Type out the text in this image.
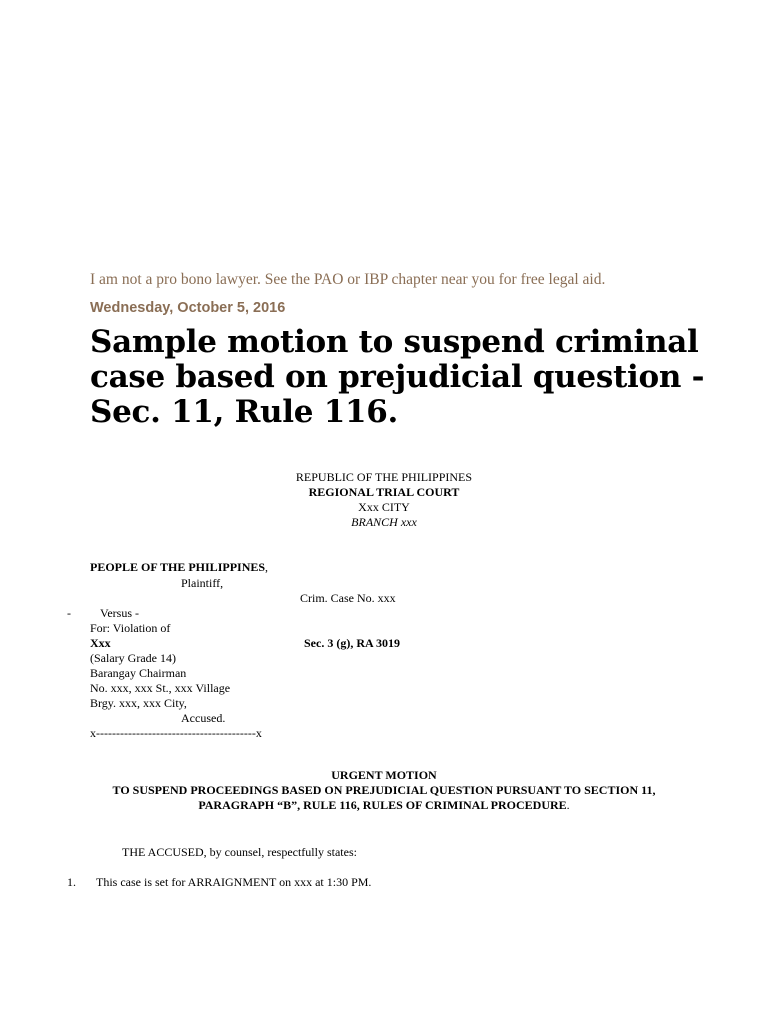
I am not a pro bono lawyer. See the PAO or IBP chapter near you for free legal aid.
Wednesday, October 5, 2016
Sample motion to suspend criminal case based on prejudicial question - Sec. 11, Rule 116.
REPUBLIC OF THE PHILIPPINES
REGIONAL TRIAL COURT
Xxx CITY
BRANCH xxx
PEOPLE OF THE PHILIPPINES,
Plaintiff,
Crim. Case No. xxx
- Versus -
For: Violation of
Xxx	Sec. 3 (g), RA 3019
(Salary Grade 14)
Barangay Chairman
No. xxx, xxx St., xxx Village
Brgy. xxx, xxx City,
Accused.
x----------------------------------------x
URGENT MOTION
TO SUSPEND PROCEEDINGS BASED ON PREJUDICIAL QUESTION PURSUANT TO SECTION 11,
PARAGRAPH “B”, RULE 116, RULES OF CRIMINAL PROCEDURE.
THE ACCUSED, by counsel, respectfully states:
1. This case is set for ARRAIGNMENT on xxx at 1:30 PM.
